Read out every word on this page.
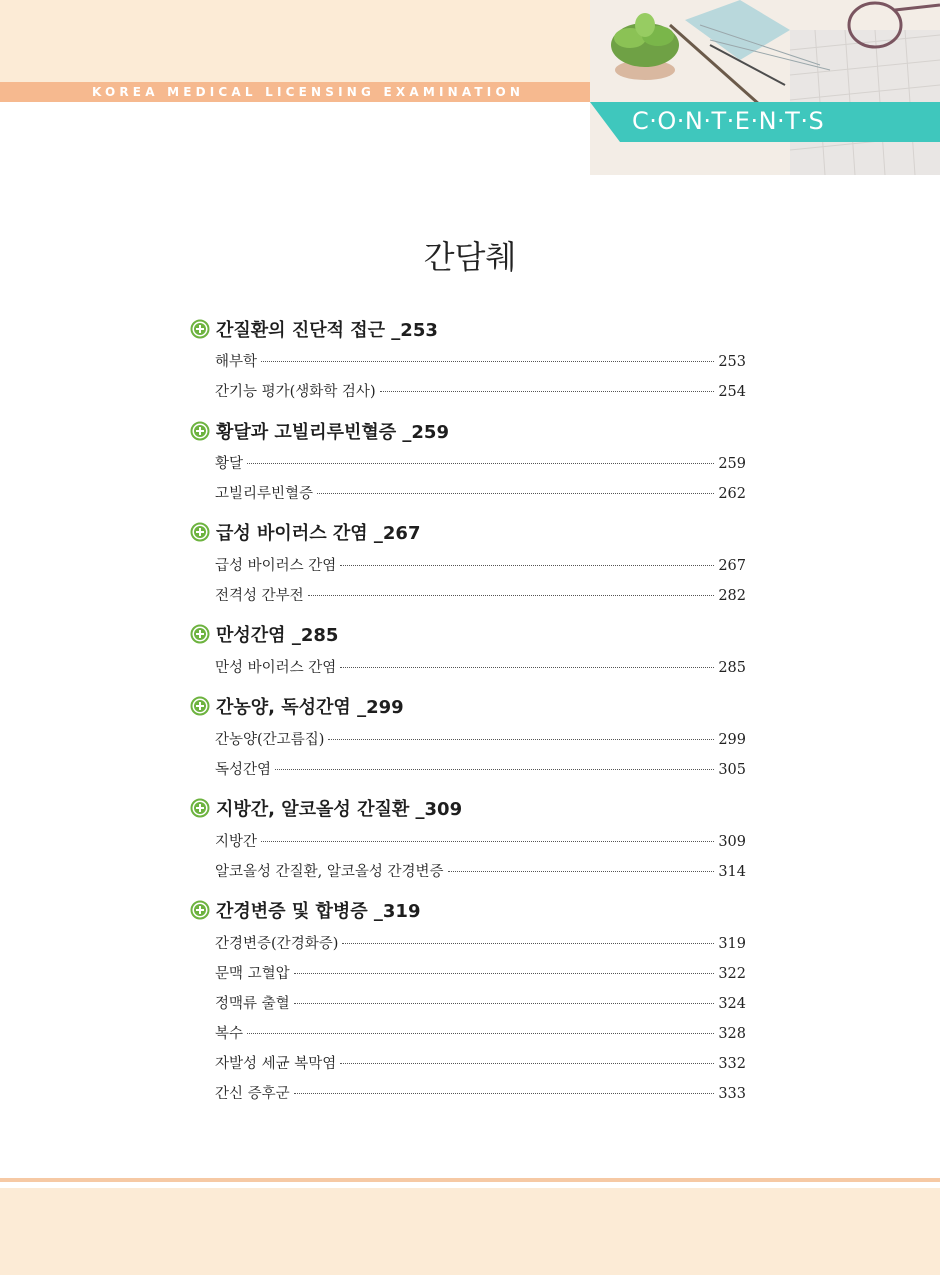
KOREA MEDICAL LICENSING EXAMINATION
C·O·N·T·E·N·T·S
간담췌
간질환의 진단적 접근 _253
해부학	253
간기능 평가(생화학 검사)	254
황달과 고빌리루빈혈증 _259
황달	259
고빌리루빈혈증	262
급성 바이러스 간염 _267
급성 바이러스 간염	267
전격성 간부전	282
만성간염 _285
만성 바이러스 간염	285
간농양, 독성간염 _299
간농양(간고름집)	299
독성간염	305
지방간, 알코올성 간질환 _309
지방간	309
알코올성 간질환, 알코올성 간경변증	314
간경변증 및 합병증 _319
간경변증(간경화증)	319
문맥 고혈압	322
정맥류 출혈	324
복수	328
자발성 세균 복막염	332
간신 증후군	333
